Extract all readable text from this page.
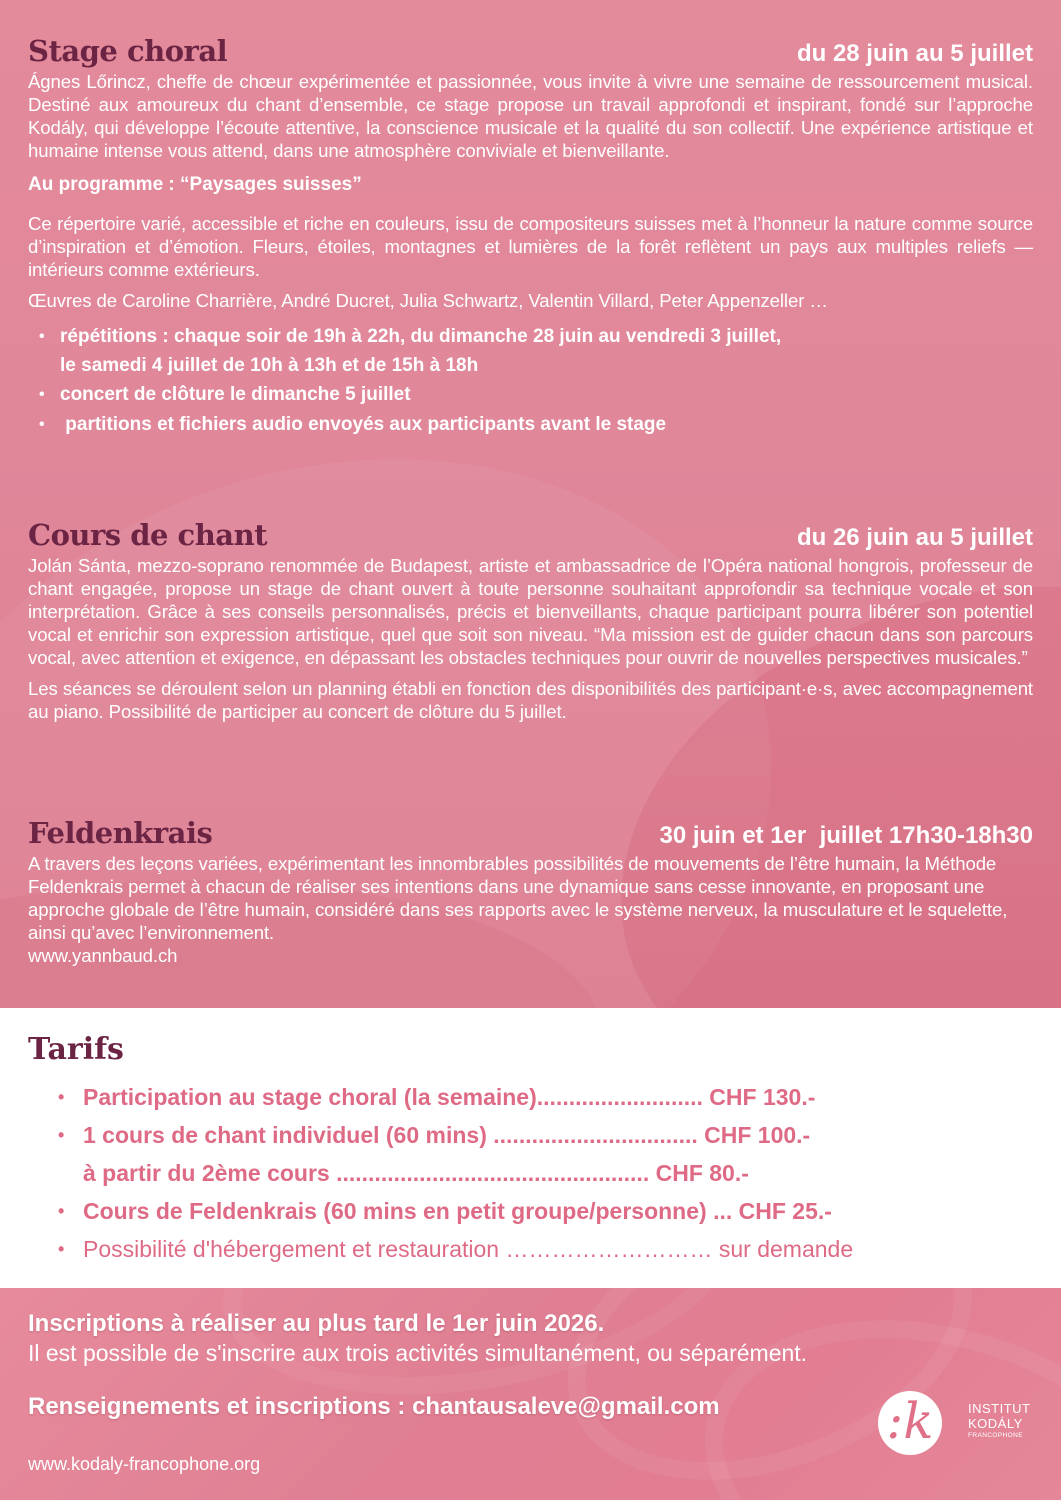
Stage choral	du 28 juin au 5 juillet

Ágnes Lőrincz, cheffe de chœur expérimentée et passionnée, vous invite à vivre une semaine de ressourcement musical. Destiné aux amoureux du chant d’ensemble, ce stage propose un travail approfondi et inspirant, fondé sur l’approche Kodály, qui développe l’écoute attentive, la conscience musicale et la qualité du son collectif. Une expérience artistique et humaine intense vous attend, dans une atmosphère conviviale et bienveillante.

Au programme : “Paysages suisses”

Ce répertoire varié, accessible et riche en couleurs, issu de compositeurs suisses met à l’honneur la nature comme source d’inspiration et d’émotion. Fleurs, étoiles, montagnes et lumières de la forêt reflètent un pays aux multiples reliefs — intérieurs comme extérieurs.

Œuvres de Caroline Charrière, André Ducret, Julia Schwartz, Valentin Villard, Peter Appenzeller …

• répétitions : chaque soir de 19h à 22h, du dimanche 28 juin au vendredi 3 juillet,
le samedi 4 juillet de 10h à 13h et de 15h à 18h
• concert de clôture le dimanche 5 juillet
•  partitions et fichiers audio envoyés aux participants avant le stage
Cours de chant	du 26 juin au 5 juillet

Jolán Sánta, mezzo-soprano renommée de Budapest, artiste et ambassadrice de l’Opéra national hongrois, professeur de chant engagée, propose un stage de chant ouvert à toute personne souhaitant approfondir sa technique vocale et son interprétation. Grâce à ses conseils personnalisés, précis et bienveillants, chaque participant pourra libérer son potentiel vocal et enrichir son expression artistique, quel que soit son niveau. “Ma mission est de guider chacun dans son parcours vocal, avec attention et exigence, en dépassant les obstacles techniques pour ouvrir de nouvelles perspectives musicales.”

Les séances se déroulent selon un planning établi en fonction des disponibilités des participant·e·s, avec accompagnement au piano. Possibilité de participer au concert de clôture du 5 juillet.

Feldenkrais	30 juin et 1er  juillet 17h30-18h30

A travers des leçons variées, expérimentant les innombrables possibilités de mouvements de l’être humain, la Méthode Feldenkrais permet à chacun de réaliser ses intentions dans une dynamique sans cesse innovante, en proposant une approche globale de l’être humain, considéré dans ses rapports avec le système nerveux, la musculature et le squelette, ainsi qu’avec l’environnement.

www.yannbaud.ch

Tarifs
• Participation au stage choral (la semaine).......................... CHF 130.-
• 1 cours de chant individuel (60 mins) ................................ CHF 100.-
à partir du 2ème cours ................................................. CHF 80.-
• Cours de Feldenkrais (60 mins en petit groupe/personne) ... CHF 25.-
• Possibilité d'hébergement et restauration ……………………… sur demande
Inscriptions à réaliser au plus tard le 1er juin 2026.
Il est possible de s'inscrire aux trois activités simultanément, ou séparément.
Renseignements et inscriptions : chantausaleve@gmail.com
www.kodaly-francophone.org
:k	INSTITUT
KODÁLY
FRANCOPHONE
